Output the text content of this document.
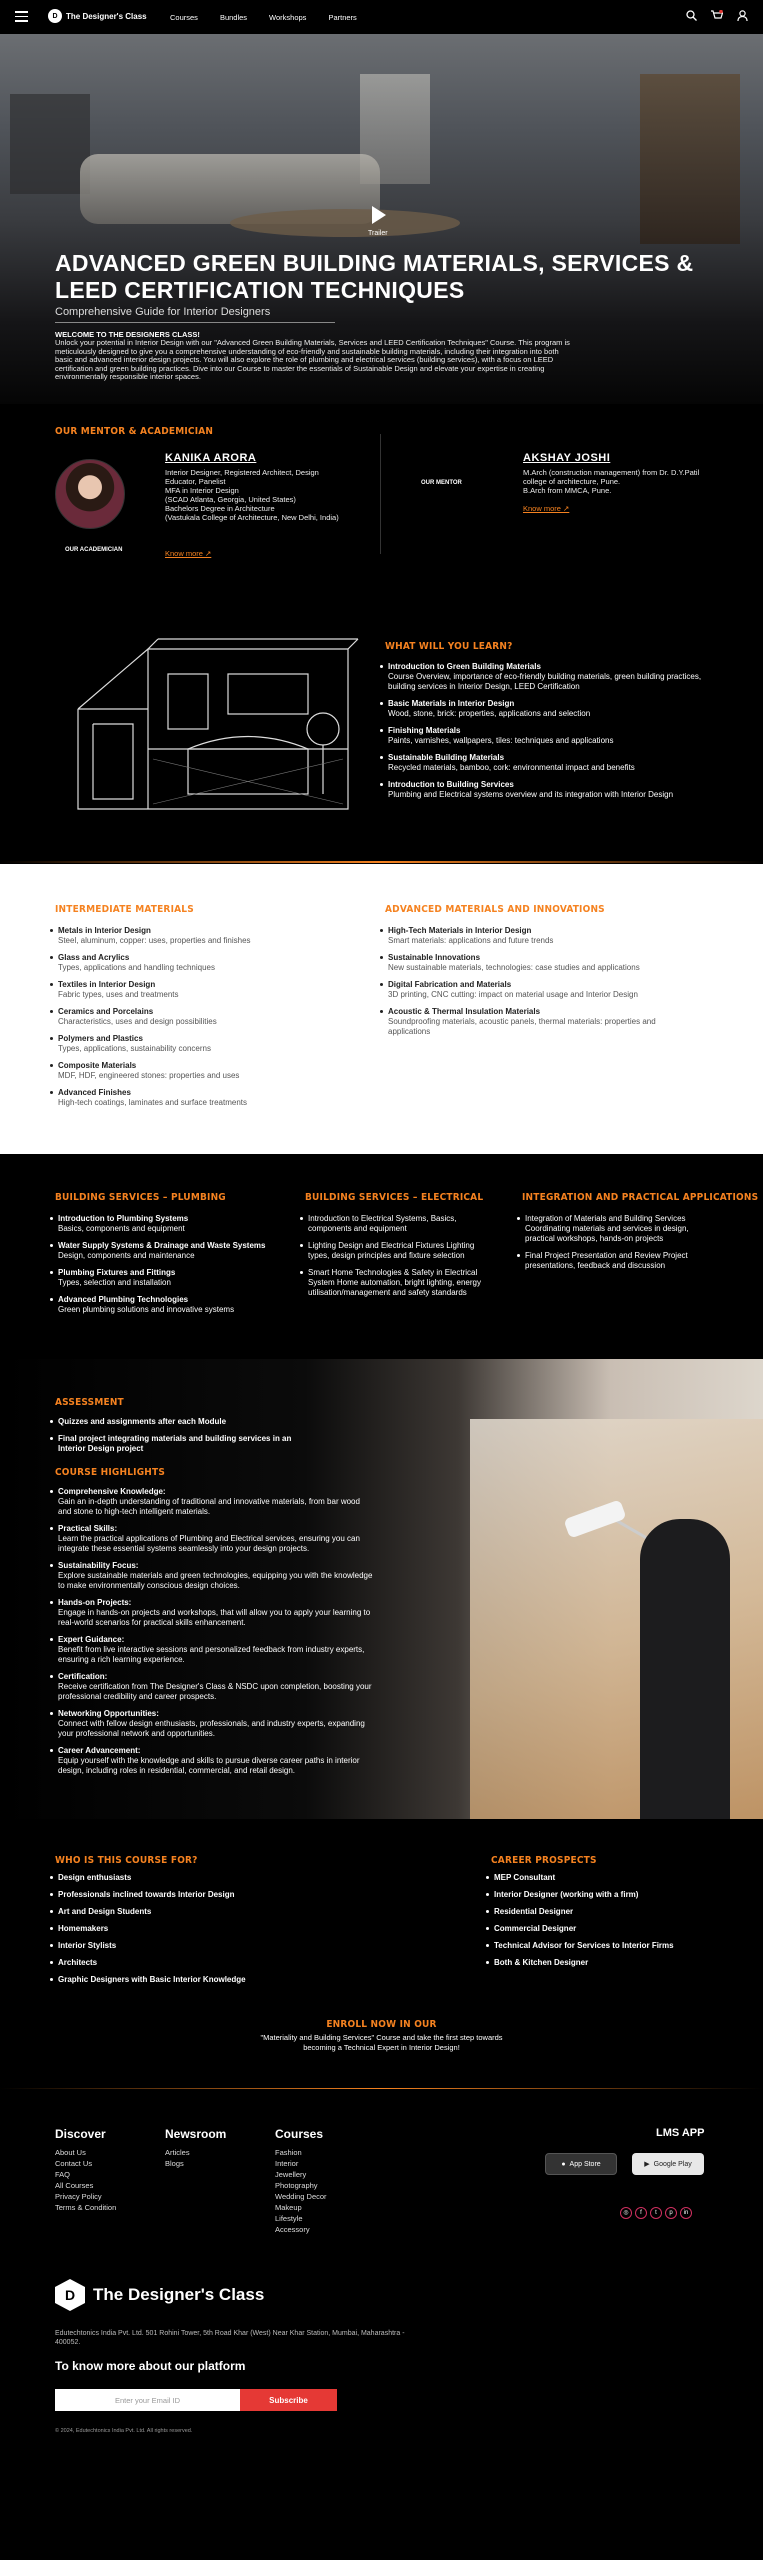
D	The Designer's Class	Courses	Bundles	Workshops	Partners
Trailer
ADVANCED GREEN BUILDING MATERIALS, SERVICES & LEED CERTIFICATION TECHNIQUES
Comprehensive Guide for Interior Designers
WELCOME TO THE DESIGNERS CLASS!
Unlock your potential in Interior Design with our "Advanced Green Building Materials, Services and LEED Certification Techniques" Course. This program is meticulously designed to give you a comprehensive understanding of eco-friendly and sustainable building materials, including their integration into both basic and advanced interior design projects. You will also explore the role of plumbing and electrical services (building services), with a focus on LEED certification and green building practices. Dive into our Course to master the essentials of Sustainable Design and elevate your expertise in creating environmentally responsible interior spaces.
OUR MENTOR & ACADEMICIAN
OUR ACADEMICIAN
KANIKA ARORA
Interior Designer, Registered Architect, Design Educator, Panelist
MFA in Interior Design
(SCAD Atlanta, Georgia, United States)
Bachelors Degree in Architecture
(Vastukala College of Architecture, New Delhi, India)
Know more ↗
OUR MENTOR
AKSHAY JOSHI
M.Arch (construction management) from Dr. D.Y.Patil college of architecture, Pune.
B.Arch from MMCA, Pune.
Know more ↗
WHAT WILL YOU LEARN?
Introduction to Green Building Materials
Course Overview, importance of eco-friendly building materials, green building practices, building services in Interior Design, LEED Certification
Basic Materials in Interior Design
Wood, stone, brick: properties, applications and selection
Finishing Materials
Paints, varnishes, wallpapers, tiles: techniques and applications
Sustainable Building Materials
Recycled materials, bamboo, cork: environmental impact and benefits
Introduction to Building Services
Plumbing and Electrical systems overview and its integration with Interior Design
INTERMEDIATE MATERIALS
Metals in Interior Design
Steel, aluminum, copper: uses, properties and finishes
Glass and Acrylics
Types, applications and handling techniques
Textiles in Interior Design
Fabric types, uses and treatments
Ceramics and Porcelains
Characteristics, uses and design possibilities
Polymers and Plastics
Types, applications, sustainability concerns
Composite Materials
MDF, HDF, engineered stones: properties and uses
Advanced Finishes
High-tech coatings, laminates and surface treatments
ADVANCED MATERIALS AND INNOVATIONS
High-Tech Materials in Interior Design
Smart materials: applications and future trends
Sustainable Innovations
New sustainable materials, technologies: case studies and applications
Digital Fabrication and Materials
3D printing, CNC cutting: impact on material usage and Interior Design
Acoustic & Thermal Insulation Materials
Soundproofing materials, acoustic panels, thermal materials: properties and applications
BUILDING SERVICES – PLUMBING
Introduction to Plumbing Systems
Basics, components and equipment
Water Supply Systems & Drainage and Waste Systems
Design, components and maintenance
Plumbing Fixtures and Fittings
Types, selection and installation
Advanced Plumbing Technologies
Green plumbing solutions and innovative systems
BUILDING SERVICES – ELECTRICAL
Introduction to Electrical Systems, Basics, components and equipment
Lighting Design and Electrical Fixtures Lighting types, design principles and fixture selection
Smart Home Technologies & Safety in Electrical System Home automation, bright lighting, energy utilisation/management and safety standards
INTEGRATION AND PRACTICAL APPLICATIONS
Integration of Materials and Building Services Coordinating materials and services in design, practical workshops, hands-on projects
Final Project Presentation and Review Project presentations, feedback and discussion
ASSESSMENT
Quizzes and assignments after each Module
Final project integrating materials and building services in an Interior Design project
COURSE HIGHLIGHTS
Comprehensive Knowledge:
Gain an in-depth understanding of traditional and innovative materials, from bar wood and stone to high-tech intelligent materials.
Practical Skills:
Learn the practical applications of Plumbing and Electrical services, ensuring you can integrate these essential systems seamlessly into your design projects.
Sustainability Focus:
Explore sustainable materials and green technologies, equipping you with the knowledge to make environmentally conscious design choices.
Hands-on Projects:
Engage in hands-on projects and workshops, that will allow you to apply your learning to real-world scenarios for practical skills enhancement.
Expert Guidance:
Benefit from live interactive sessions and personalized feedback from industry experts, ensuring a rich learning experience.
Certification:
Receive certification from The Designer's Class & NSDC upon completion, boosting your professional credibility and career prospects.
Networking Opportunities:
Connect with fellow design enthusiasts, professionals, and industry experts, expanding your professional network and opportunities.
Career Advancement:
Equip yourself with the knowledge and skills to pursue diverse career paths in interior design, including roles in residential, commercial, and retail design.
WHO IS THIS COURSE FOR?
Design enthusiasts
Professionals inclined towards Interior Design
Art and Design Students
Homemakers
Interior Stylists
Architects
Graphic Designers with Basic Interior Knowledge
CAREER PROSPECTS
MEP Consultant
Interior Designer (working with a firm)
Residential Designer
Commercial Designer
Technical Advisor for Services to Interior Firms
Both & Kitchen Designer
ENROLL NOW IN OUR
"Materiality and Building Services" Course and take the first step towards becoming a Technical Expert in Interior Design!
Discover
About Us
Contact Us
FAQ
All Courses
Privacy Policy
Terms & Condition
Newsroom
Articles
Blogs
Courses
Fashion
Interior
Jewellery
Photography
Wedding Decor
Makeup
Lifestyle
Accessory
LMS APP
● App Store	▶ Google Play
◎ f t p in
D The Designer's Class
Edutechtonics India Pvt. Ltd. 501 Rohini Tower, 5th Road Khar (West) Near Khar Station, Mumbai, Maharashtra - 400052.
To know more about our platform
Enter your Email ID	Subscribe
© 2024, Edutechtonics India Pvt. Ltd. All rights reserved.
